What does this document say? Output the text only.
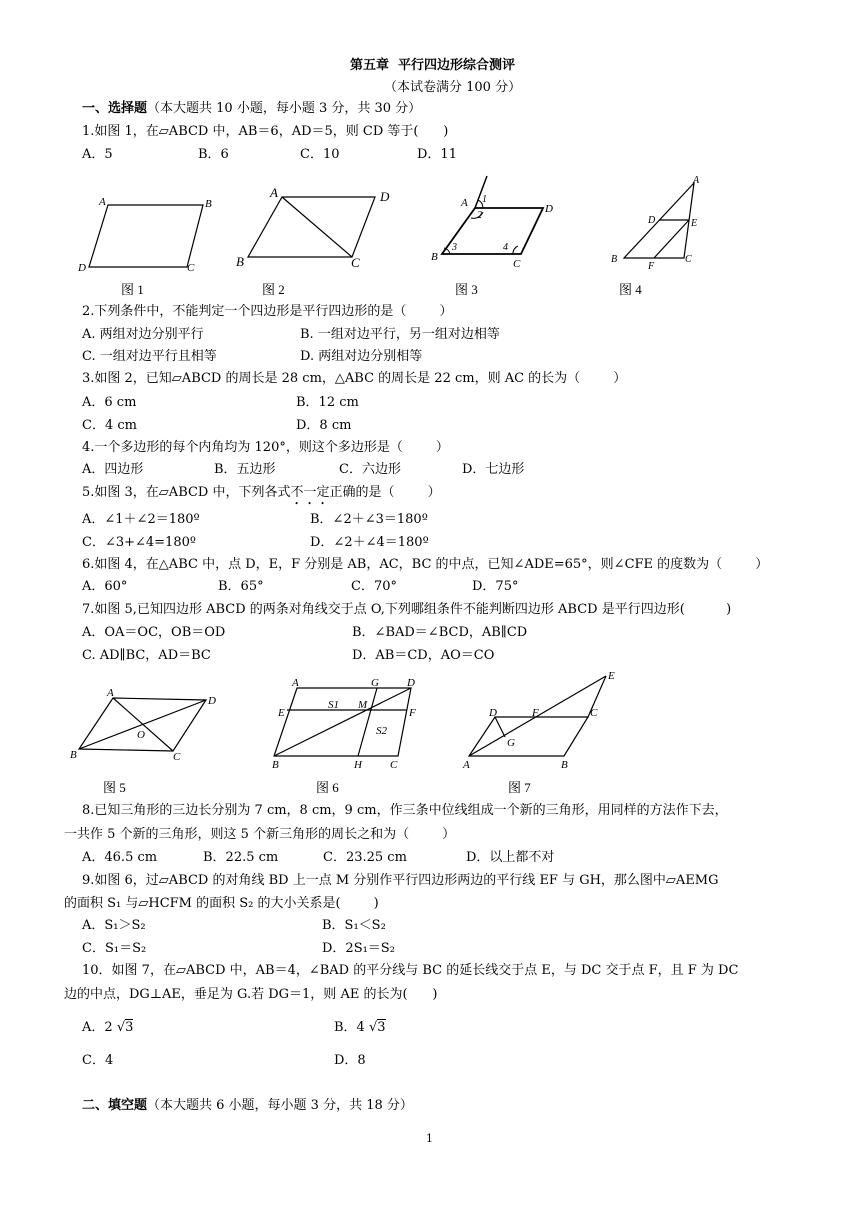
第五章  平行四边形综合测评
（本试卷满分 100 分）
一、选择题（本大题共 10 小题，每小题 3 分，共 30 分）
1.如图 1，在▱ABCD 中，AB＝6，AD＝5，则 CD 等于(      )
A．5	B．6	C．10	D．11
A	B
C
D
A	D
B	C
A	D
B
C
1
2
3	4
A
D	E
B
F
C
图 1	图 2	图 3	图 4
2.下列条件中，不能判定一个四边形是平行四边形的是（        ）
A. 两组对边分别平行	B. 一组对边平行，另一组对边相等
C. 一组对边平行且相等	D. 两组对边分别相等
3.如图 2，已知▱ABCD 的周长是 28 cm，△ABC 的周长是 22 cm，则 AC 的长为（        ）
A．6 cm	B．12 cm
C．4 cm	D．8 cm
4.一个多边形的每个内角均为 120°，则这个多边形是（        ）
A．四边形	B．五边形	C．六边形	D．七边形
5.如图 3，在▱ABCD 中，下列各式不一定正确的是（        ）
A．∠1＋∠2＝180º	B．∠2＋∠3＝180º
C．∠3+∠4=180º	D．∠2＋∠4＝180º
6.如图 4，在△ABC 中，点 D，E，F 分别是 AB，AC，BC 的中点，已知∠ADE=65°，则∠CFE 的度数为（        ）
A．60°	B．65°	C．70°	D．75°
7.如图 5,已知四边形 ABCD 的两条对角线交于点 O,下列哪组条件不能判断四边形 ABCD 是平行四边形(          )
A．OA＝OC，OB＝OD	B．∠BAD＝∠BCD，AB∥CD
C. AD∥BC，AD＝BC	D．AB＝CD，AO＝CO
A
D
O
B	C
A	G	D
S1 M
E	F
S2
B	H	C
E
D	F	C
G
A	B
图 5	图 6	图 7
8.已知三角形的三边长分别为 7 cm，8 cm，9 cm，作三条中位线组成一个新的三角形，用同样的方法作下去，
一共作 5 个新的三角形，则这 5 个新三角形的周长之和为（        ）
A．46.5 cm	B．22.5 cm	C．23.25 cm	D．以上都不对
9.如图 6，过▱ABCD 的对角线 BD 上一点 M 分别作平行四边形两边的平行线 EF 与 GH，那么图中▱AEMG
的面积 S₁ 与▱HCFM 的面积 S₂ 的大小关系是(        )
A．S₁＞S₂	B．S₁＜S₂
C．S₁＝S₂	D．2S₁＝S₂
10．如图 7，在▱ABCD 中，AB＝4，∠BAD 的平分线与 BC 的延长线交于点 E，与 DC 交于点 F，且 F 为 DC
边的中点，DG⊥AE，垂足为 G.若 DG＝1，则 AE 的长为(      )
A．2 √3	B．4 √3
C．4	D．8
二、填空题（本大题共 6 小题，每小题 3 分，共 18 分）
1
